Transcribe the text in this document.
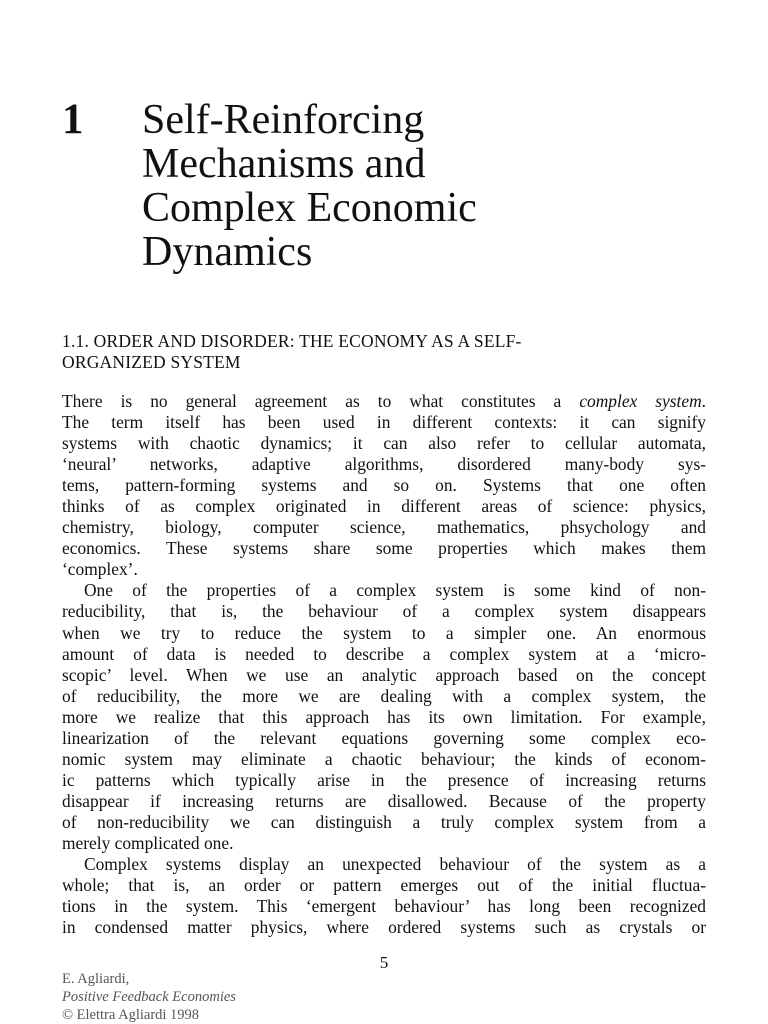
1 Self-Reinforcing
Mechanisms and
Complex Economic
Dynamics
1.1. ORDER AND DISORDER: THE ECONOMY AS A SELF-
ORGANIZED SYSTEM
There is no general agreement as to what constitutes a complex system.
The term itself has been used in different contexts: it can signify
systems with chaotic dynamics; it can also refer to cellular automata,
‘neural’ networks, adaptive algorithms, disordered many-body sys-
tems, pattern-forming systems and so on. Systems that one often
thinks of as complex originated in different areas of science: physics,
chemistry, biology, computer science, mathematics, phsychology and
economics. These systems share some properties which makes them
‘complex’.
One of the properties of a complex system is some kind of non-
reducibility, that is, the behaviour of a complex system disappears
when we try to reduce the system to a simpler one. An enormous
amount of data is needed to describe a complex system at a ‘micro-
scopic’ level. When we use an analytic approach based on the concept
of reducibility, the more we are dealing with a complex system, the
more we realize that this approach has its own limitation. For example,
linearization of the relevant equations governing some complex eco-
nomic system may eliminate a chaotic behaviour; the kinds of econom-
ic patterns which typically arise in the presence of increasing returns
disappear if increasing returns are disallowed. Because of the property
of non-reducibility we can distinguish a truly complex system from a
merely complicated one.
Complex systems display an unexpected behaviour of the system as a
whole; that is, an order or pattern emerges out of the initial fluctua-
tions in the system. This ‘emergent behaviour’ has long been recognized
in condensed matter physics, where ordered systems such as crystals or
5
E. Agliardi,
Positive Feedback Economies
© Elettra Agliardi 1998
